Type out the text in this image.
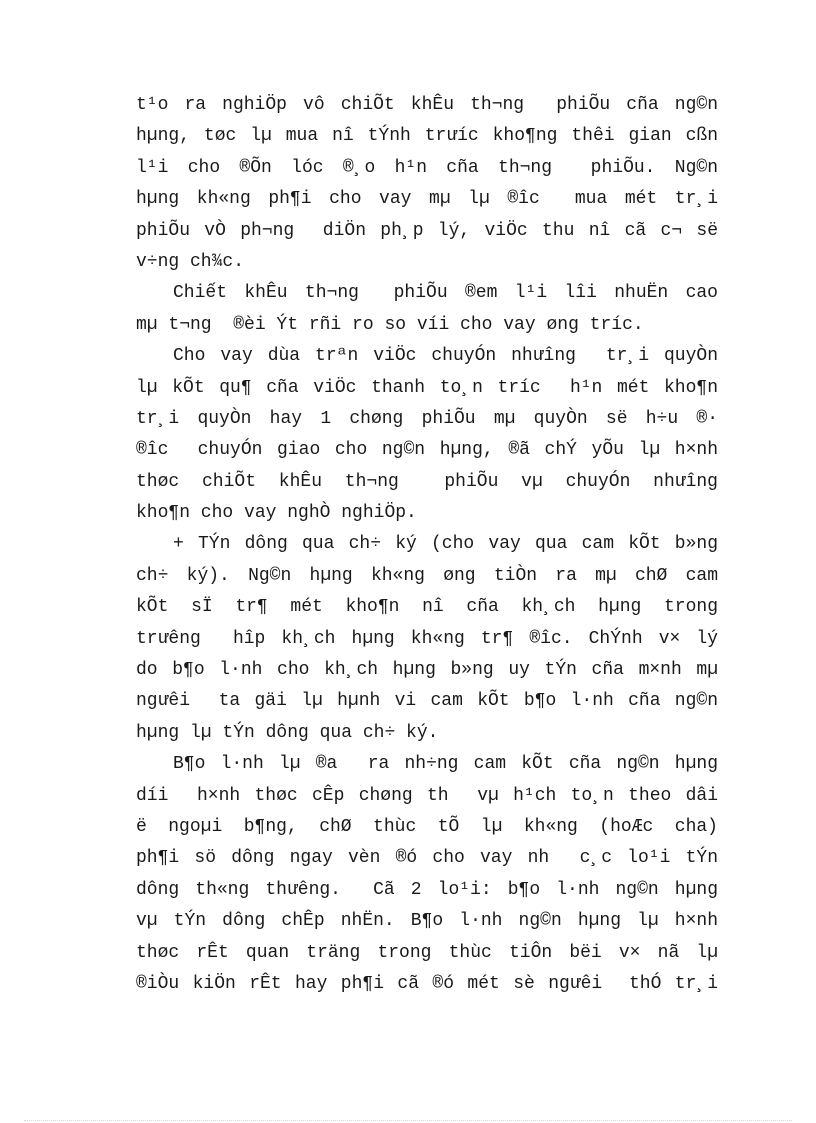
t¹o ra nghiÖp vô chiÕt khÊu th¬ng  phiÕu cña ng©n
hµng, tøc lµ mua nî tÝnh trưíc kho¶ng thêi gian cßn
l¹i cho ®Õn lóc ®¸o h¹n cña th¬ng  phiÕu. Ng©n
hµng kh«ng ph¶i cho vay mµ lµ ®îc  mua mét tr¸i
phiÕu vÒ ph¬ng  diÖn ph¸p lý, viÖc thu nî cã c¬ së
v÷ng ch¾c.
Chiết khÊu th¬ng  phiÕu ®em l¹i lîi nhuËn cao
mµ t¬ng  ®èi Ýt rñi ro so víi cho vay øng tríc.
Cho vay dùa trªn viÖc chuyÓn nhưîng  tr¸i quyÒn
lµ kÕt qu¶ cña viÖc thanh to¸n tríc  h¹n mét kho¶n
tr¸i quyÒn hay 1 chøng phiÕu mµ quyÒn së h÷u ®·
®îc  chuyÓn giao cho ng©n hµng, ®ã chÝ yÕu lµ h×nh
thøc chiÕt khÊu th¬ng  phiÕu vµ chuyÓn nhưîng
kho¶n cho vay nghÒ nghiÖp.
+ TÝn dông qua ch÷ ký (cho vay qua cam kÕt b»ng
ch÷ ký). Ng©n hµng kh«ng øng tiÒn ra mµ chØ cam
kÕt sÏ tr¶ mét kho¶n nî cña kh¸ch hµng trong
trưêng  hîp kh¸ch hµng kh«ng tr¶ ®îc. ChÝnh v× lý
do b¶o l·nh cho kh¸ch hµng b»ng uy tÝn cña m×nh mµ
ngưêi  ta gäi lµ hµnh vi cam kÕt b¶o l·nh cña ng©n
hµng lµ tÝn dông qua ch÷ ký.
B¶o l·nh lµ ®a  ra nh÷ng cam kÕt cña ng©n hµng
díi  h×nh thøc cÊp chøng th  vµ h¹ch to¸n theo dâi
ë ngoµi b¶ng, chØ thùc tÕ lµ kh«ng (hoÆc cha)
ph¶i sö dông ngay vèn ®ó cho vay nh  c¸c lo¹i tÝn
dông th«ng thưêng.  Cã 2 lo¹i: b¶o l·nh ng©n hµng
vµ tÝn dông chÊp nhËn. B¶o l·nh ng©n hµng lµ h×nh
thøc rÊt quan träng trong thùc tiÔn bëi v× nã lµ
®iÒu kiÖn rÊt hay ph¶i cã ®ó mét sè ngưêi  thÓ tr¸i
